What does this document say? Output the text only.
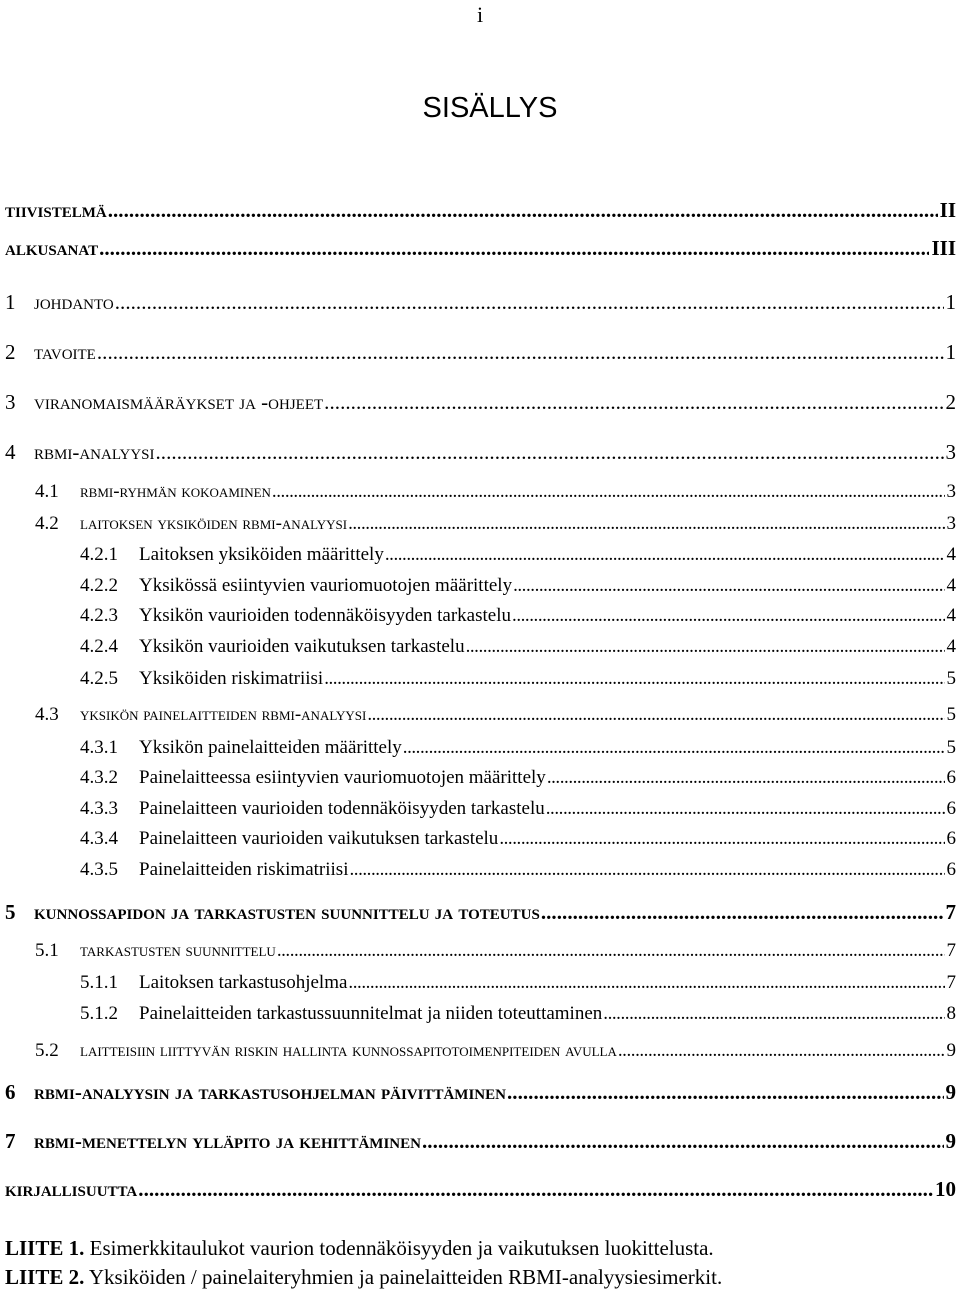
i
SISÄLLYS
tiivistelmä . . .	II
alkusanat . . .	III
1 johdanto . . .	1
2 tavoite . . .	1
3 viranomaismääräykset ja -ohjeet . . .	2
4 rbmi-analyysi . . .	3
4.1 rbmi-ryhmän kokoaminen . . .	3
4.2 laitoksen yksiköiden rbmi-analyysi . . .	3
4.2.1 Laitoksen yksiköiden määrittely . . .	4
4.2.2 Yksikössä esiintyvien vauriomuotojen määrittely . . .	4
4.2.3 Yksikön vaurioiden todennäköisyyden tarkastelu . . .	4
4.2.4 Yksikön vaurioiden vaikutuksen tarkastelu . . .	4
4.2.5 Yksiköiden riskimatriisi . . .	5
4.3 yksikön painelaitteiden rbmi-analyysi . . .	5
4.3.1 Yksikön painelaitteiden määrittely . . .	5
4.3.2 Painelaitteessa esiintyvien vauriomuotojen määrittely . . .	6
4.3.3 Painelaitteen vaurioiden todennäköisyyden tarkastelu . . .	6
4.3.4 Painelaitteen vaurioiden vaikutuksen tarkastelu . . .	6
4.3.5 Painelaitteiden riskimatriisi . . .	6
5 kunnossapidon ja tarkastusten suunnittelu ja toteutus . . .	7
5.1 tarkastusten suunnittelu . . .	7
5.1.1 Laitoksen tarkastusohjelma . . .	7
5.1.2 Painelaitteiden tarkastussuunnitelmat ja niiden toteuttaminen . . .	8
5.2 laitteisiin liittyvän riskin hallinta kunnossapitotoimenpiteiden avulla . . .	9
6 rbmi-analyysin ja tarkastusohjelman päivittäminen . . .	9
7 rbmi-menettelyn ylläpito ja kehittäminen . . .	9
kirjallisuutta . . .	10
LIITE 1. Esimerkkitaulukot vaurion todennäköisyyden ja vaikutuksen luokittelusta.
LIITE 2. Yksiköiden / painelaiteryhmien ja painelaitteiden RBMI-analyysiesimerkit.
